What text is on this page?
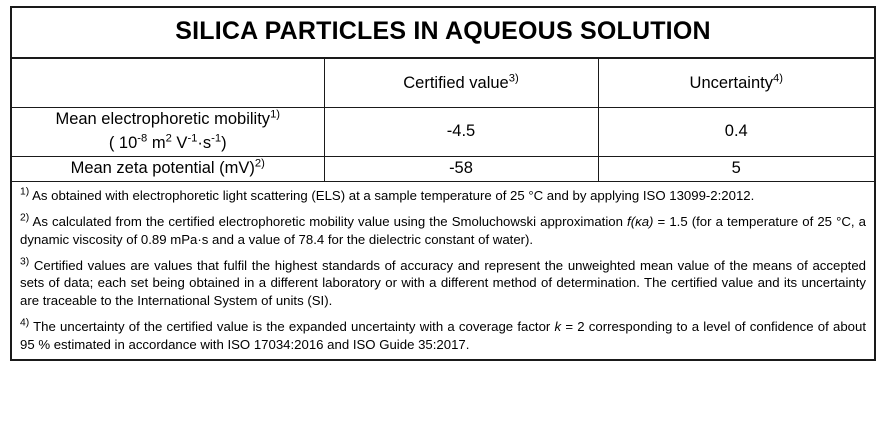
SILICA PARTICLES IN AQUEOUS SOLUTION
	Certified value$^{3)}$	Uncertainty$^{4)}$
Mean electrophoretic mobility$^{1)}$
( $10^{-8}$ $m^2$ $V^{-1}\cdot s^{-1}$)	-4.5	0.4
Mean zeta potential (mV)$^{2)}$	-58	5

$^{1)}$ As obtained with electrophoretic light scattering (ELS) at a sample temperature of 25 °C and by applying ISO 13099-2:2012.

$^{2)}$ As calculated from the certified electrophoretic mobility value using the Smoluchowski approximation f(κa) = 1.5 (for a temperature of 25 °C, a dynamic viscosity of 0.89 mPa·s and a value of 78.4 for the dielectric constant of water).

$^{3)}$ Certified values are values that fulfil the highest standards of accuracy and represent the unweighted mean value of the means of accepted sets of data; each set being obtained in a different laboratory or with a different method of determination. The certified value and its uncertainty are traceable to the International System of units (SI).

$^{4)}$ The uncertainty of the certified value is the expanded uncertainty with a coverage factor k = 2 corresponding to a level of confidence of about 95 % estimated in accordance with ISO 17034:2016 and ISO Guide 35:2017.
